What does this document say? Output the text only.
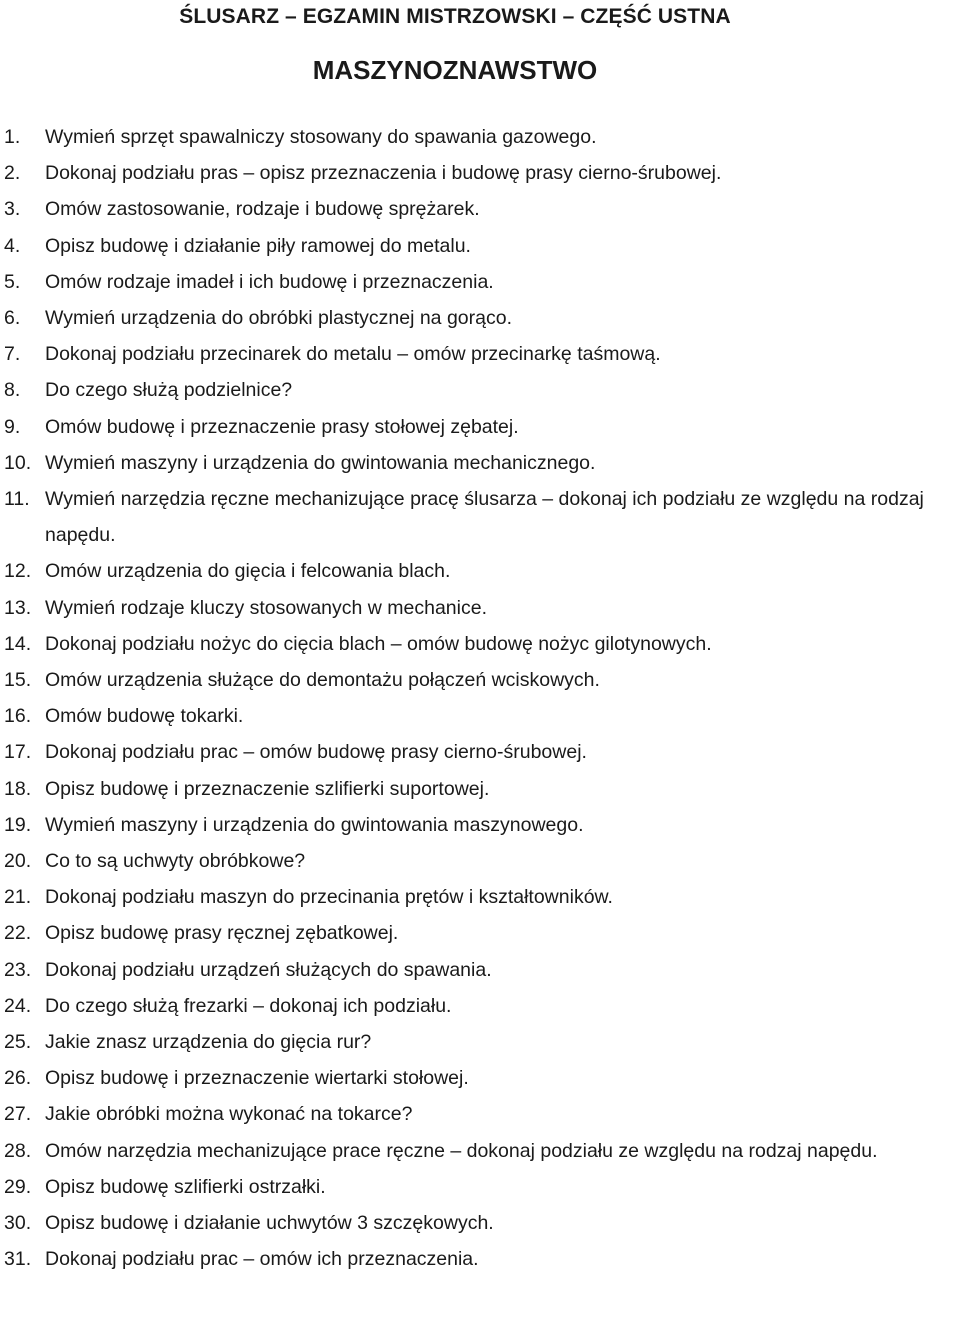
ŚLUSARZ – EGZAMIN MISTRZOWSKI – CZĘŚĆ USTNA
MASZYNOZNAWSTWO
1.	Wymień sprzęt spawalniczy stosowany do spawania gazowego.
2.	Dokonaj podziału pras – opisz przeznaczenia i budowę prasy cierno-śrubowej.
3.	Omów zastosowanie, rodzaje i budowę sprężarek.
4.	Opisz budowę i działanie piły ramowej do metalu.
5.	Omów rodzaje imadeł i ich budowę i przeznaczenia.
6.	Wymień urządzenia do obróbki plastycznej na gorąco.
7.	Dokonaj podziału przecinarek do metalu – omów przecinarkę taśmową.
8.	Do czego służą podzielnice?
9.	Omów budowę i przeznaczenie prasy stołowej zębatej.
10. Wymień maszyny i urządzenia do gwintowania mechanicznego.
11. Wymień narzędzia ręczne mechanizujące pracę ślusarza – dokonaj ich podziału ze względu na rodzaj napędu.
12. Omów urządzenia do gięcia i felcowania blach.
13. Wymień rodzaje kluczy stosowanych w mechanice.
14. Dokonaj podziału nożyc do cięcia blach – omów budowę nożyc gilotynowych.
15. Omów urządzenia służące do demontażu połączeń wciskowych.
16. Omów budowę tokarki.
17. Dokonaj podziału prac – omów budowę prasy cierno-śrubowej.
18. Opisz budowę i przeznaczenie szlifierki suportowej.
19. Wymień maszyny i urządzenia do gwintowania maszynowego.
20. Co to są uchwyty obróbkowe?
21. Dokonaj podziału maszyn do przecinania prętów i kształtowników.
22. Opisz budowę prasy ręcznej zębatkowej.
23. Dokonaj podziału urządzeń służących do spawania.
24. Do czego służą frezarki – dokonaj ich podziału.
25. Jakie znasz urządzenia do gięcia rur?
26. Opisz budowę i przeznaczenie wiertarki stołowej.
27. Jakie obróbki można wykonać na tokarce?
28. Omów narzędzia mechanizujące prace ręczne – dokonaj podziału ze względu na rodzaj napędu.
29. Opisz budowę szlifierki ostrzałki.
30. Opisz budowę i działanie uchwytów 3 szczękowych.
31. Dokonaj podziału prac – omów ich przeznaczenia.
